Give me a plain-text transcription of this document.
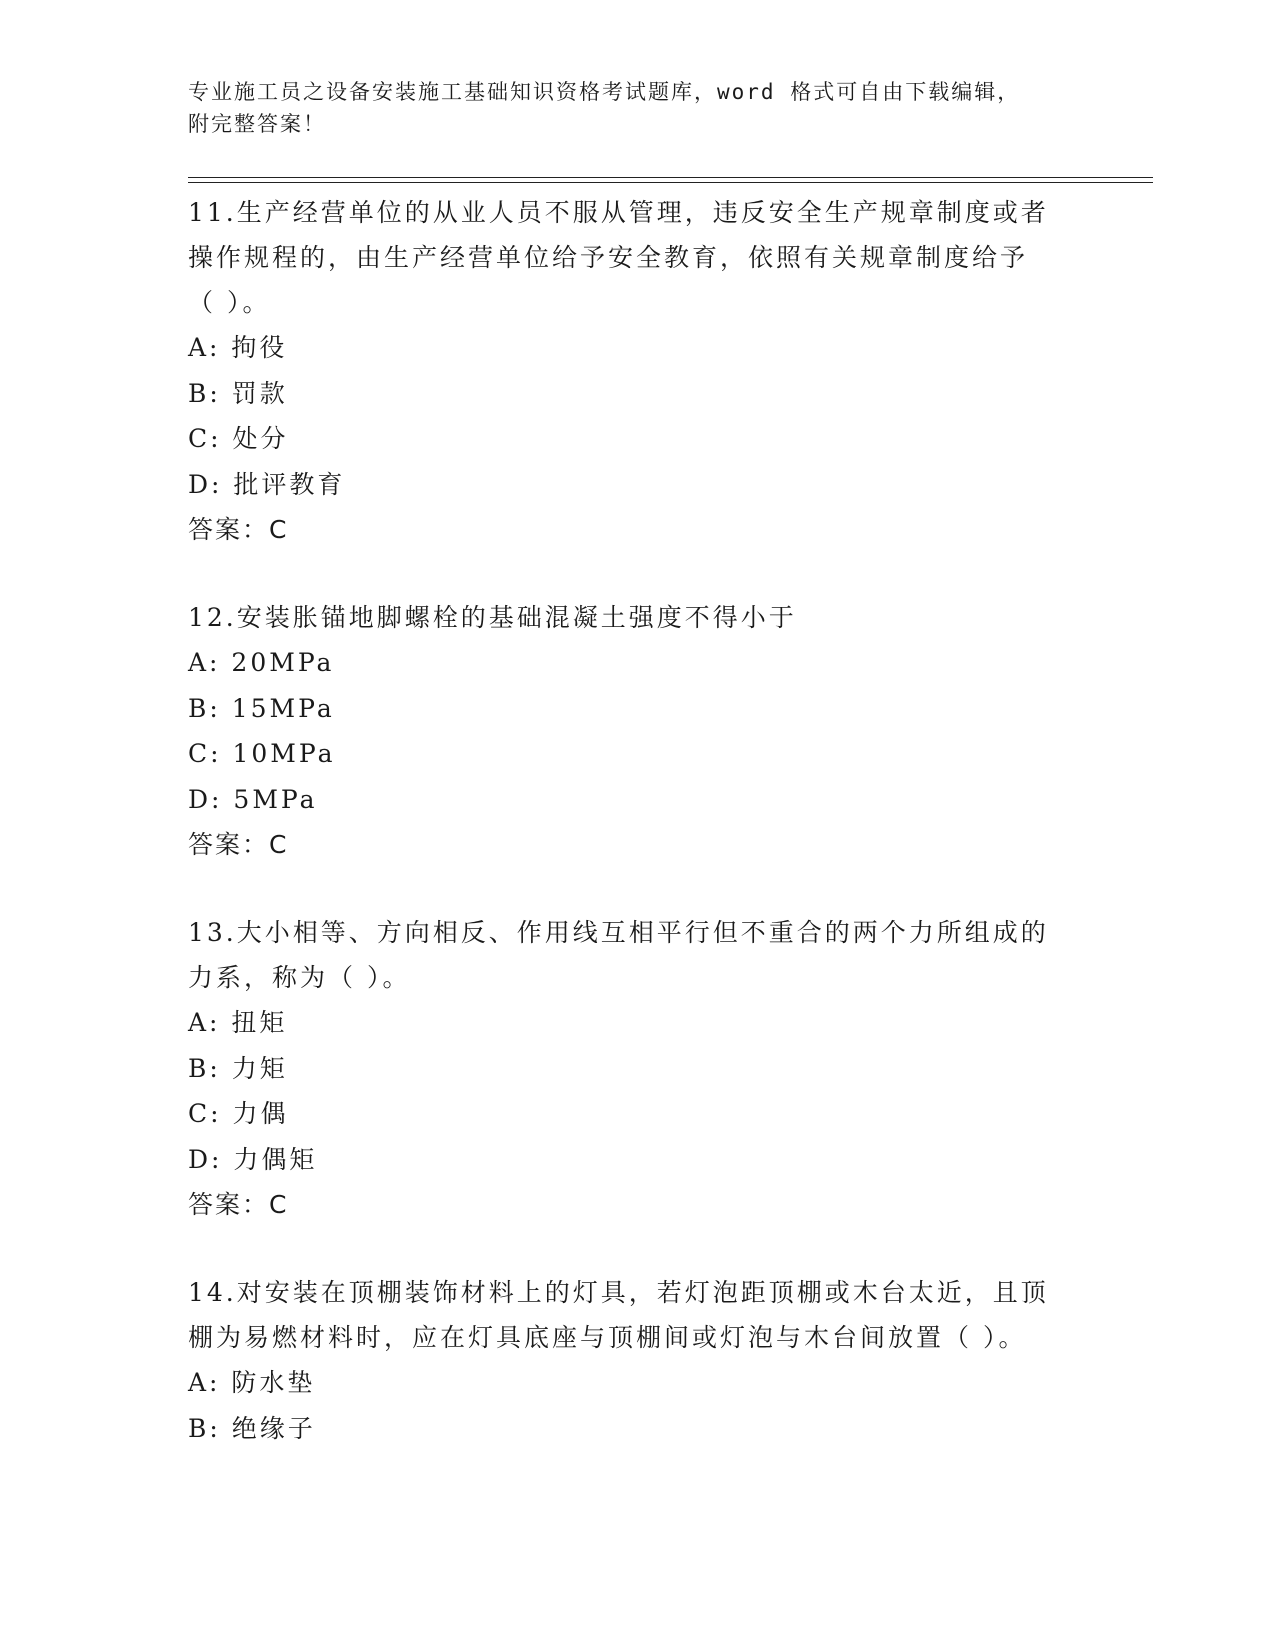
专业施工员之设备安装施工基础知识资格考试题库，word 格式可自由下载编辑，
附完整答案！
11.生产经营单位的从业人员不服从管理，违反安全生产规章制度或者
操作规程的，由生产经营单位给予安全教育，依照有关规章制度给予
（ ）。
A: 拘役
B: 罚款
C: 处分
D: 批评教育
答案：C
12.安装胀锚地脚螺栓的基础混凝土强度不得小于
A: 20MPa
B: 15MPa
C: 10MPa
D: 5MPa
答案：C
13.大小相等、方向相反、作用线互相平行但不重合的两个力所组成的
力系，称为（ ）。
A: 扭矩
B: 力矩
C: 力偶
D: 力偶矩
答案：C
14.对安装在顶棚装饰材料上的灯具，若灯泡距顶棚或木台太近，且顶
棚为易燃材料时，应在灯具底座与顶棚间或灯泡与木台间放置（ ）。
A: 防水垫
B: 绝缘子
